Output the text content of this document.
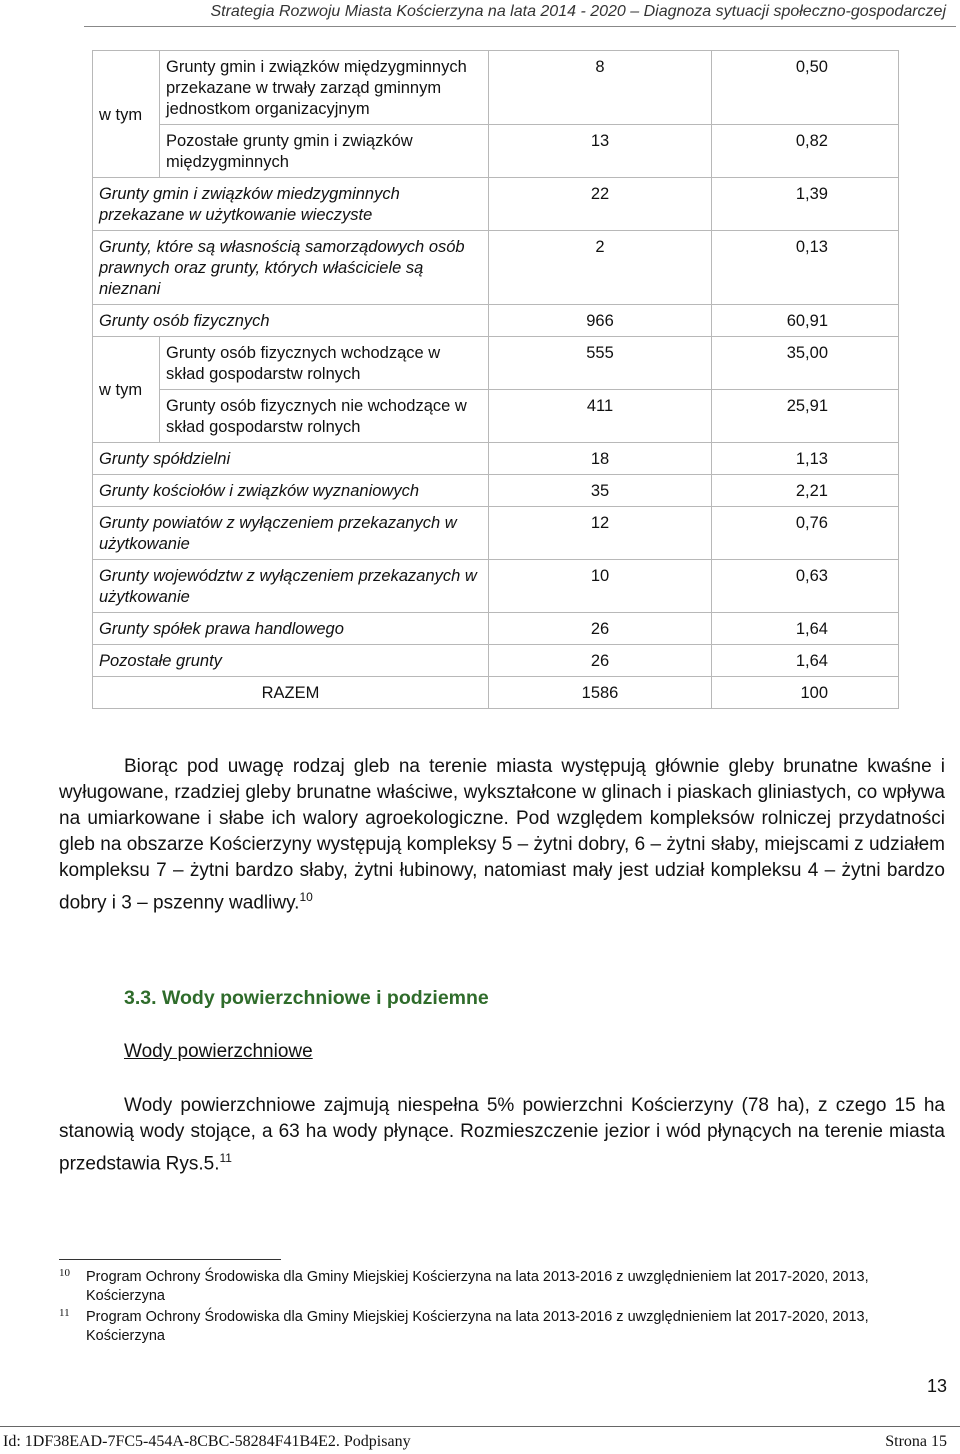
Strategia Rozwoju Miasta Kościerzyna na lata 2014 - 2020 – Diagnoza sytuacji społeczno-gospodarczej
w tym	Grunty gmin i związków międzygminnych przekazane w trwały zarząd gminnym jednostkom organizacyjnym	8	0,50
	Pozostałe grunty gmin i związków międzygminnych	13	0,82
Grunty gmin i związków miedzygminnych przekazane w użytkowanie wieczyste		22	1,39
Grunty, które są własnością samorządowych osób prawnych oraz grunty, których właściciele są nieznani		2	0,13
Grunty osób fizycznych		966	60,91
w tym	Grunty osób fizycznych wchodzące w skład gospodarstw rolnych	555	35,00
	Grunty osób fizycznych nie wchodzące w skład gospodarstw rolnych	411	25,91
Grunty spółdzielni		18	1,13
Grunty kościołów i związków wyznaniowych		35	2,21
Grunty powiatów z wyłączeniem przekazanych w użytkowanie		12	0,76
Grunty województw z wyłączeniem przekazanych w użytkowanie		10	0,63
Grunty spółek prawa handlowego		26	1,64
Pozostałe grunty		26	1,64
RAZEM		1586	100
Biorąc pod uwagę rodzaj gleb na terenie miasta występują głównie gleby brunatne kwaśne i wyługowane, rzadziej gleby brunatne właściwe, wykształcone w glinach i piaskach gliniastych, co wpływa na umiarkowane i słabe ich walory agroekologiczne. Pod względem kompleksów rolniczej przydatności gleb na obszarze Kościerzyny występują kompleksy 5 – żytni dobry, 6 – żytni słaby, miejscami z udziałem kompleksu 7 – żytni bardzo słaby, żytni łubinowy, natomiast mały jest udział kompleksu 4 – żytni bardzo dobry i 3 – pszenny wadliwy.$^{10}$
3.3. Wody powierzchniowe i podziemne
Wody powierzchniowe
Wody powierzchniowe zajmują niespełna 5% powierzchni Kościerzyny (78 ha), z czego 15 ha stanowią wody stojące, a 63 ha wody płynące. Rozmieszczenie jezior i wód płynących na terenie miasta przedstawia Rys.5.11
10 Program Ochrony Środowiska dla Gminy Miejskiej Kościerzyna na lata 2013-2016 z uwzględnieniem lat 2017-2020, 2013, Kościerzyna
11 Program Ochrony Środowiska dla Gminy Miejskiej Kościerzyna na lata 2013-2016 z uwzględnieniem lat 2017-2020, 2013, Kościerzyna
13
Id: 1DF38EAD-7FC5-454A-8CBC-58284F41B4E2. Podpisany	Strona 15
